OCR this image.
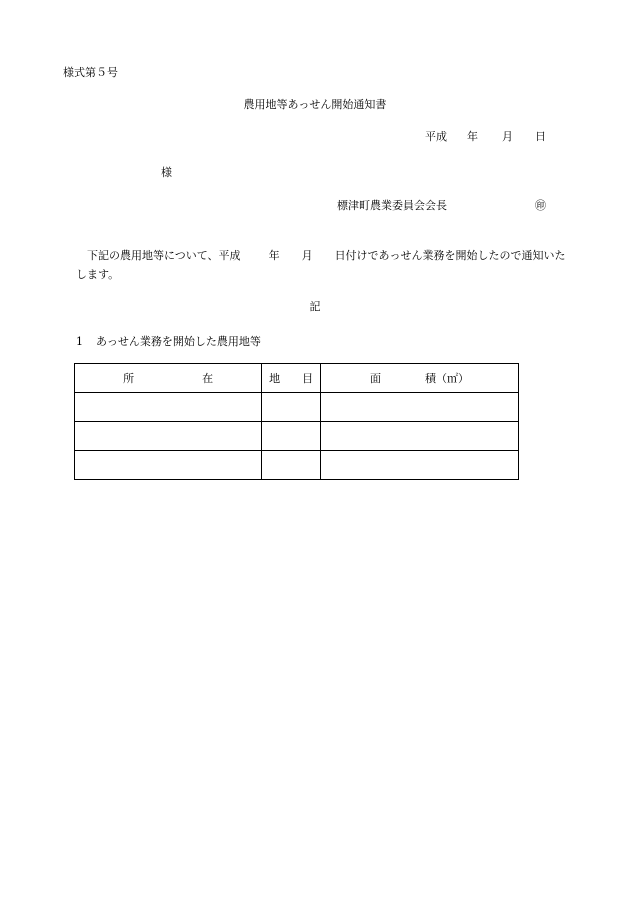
様式第５号
農用地等あっせん開始通知書
平成 年 月 日
様
標津町農業委員会会長	㊞
下記の農用地等について、平成	年 月 日付けであっせん業務を開始したので通知いたします。
記
1 あっせん業務を開始した農用地等
所 在	地 目	面 積（㎡）
